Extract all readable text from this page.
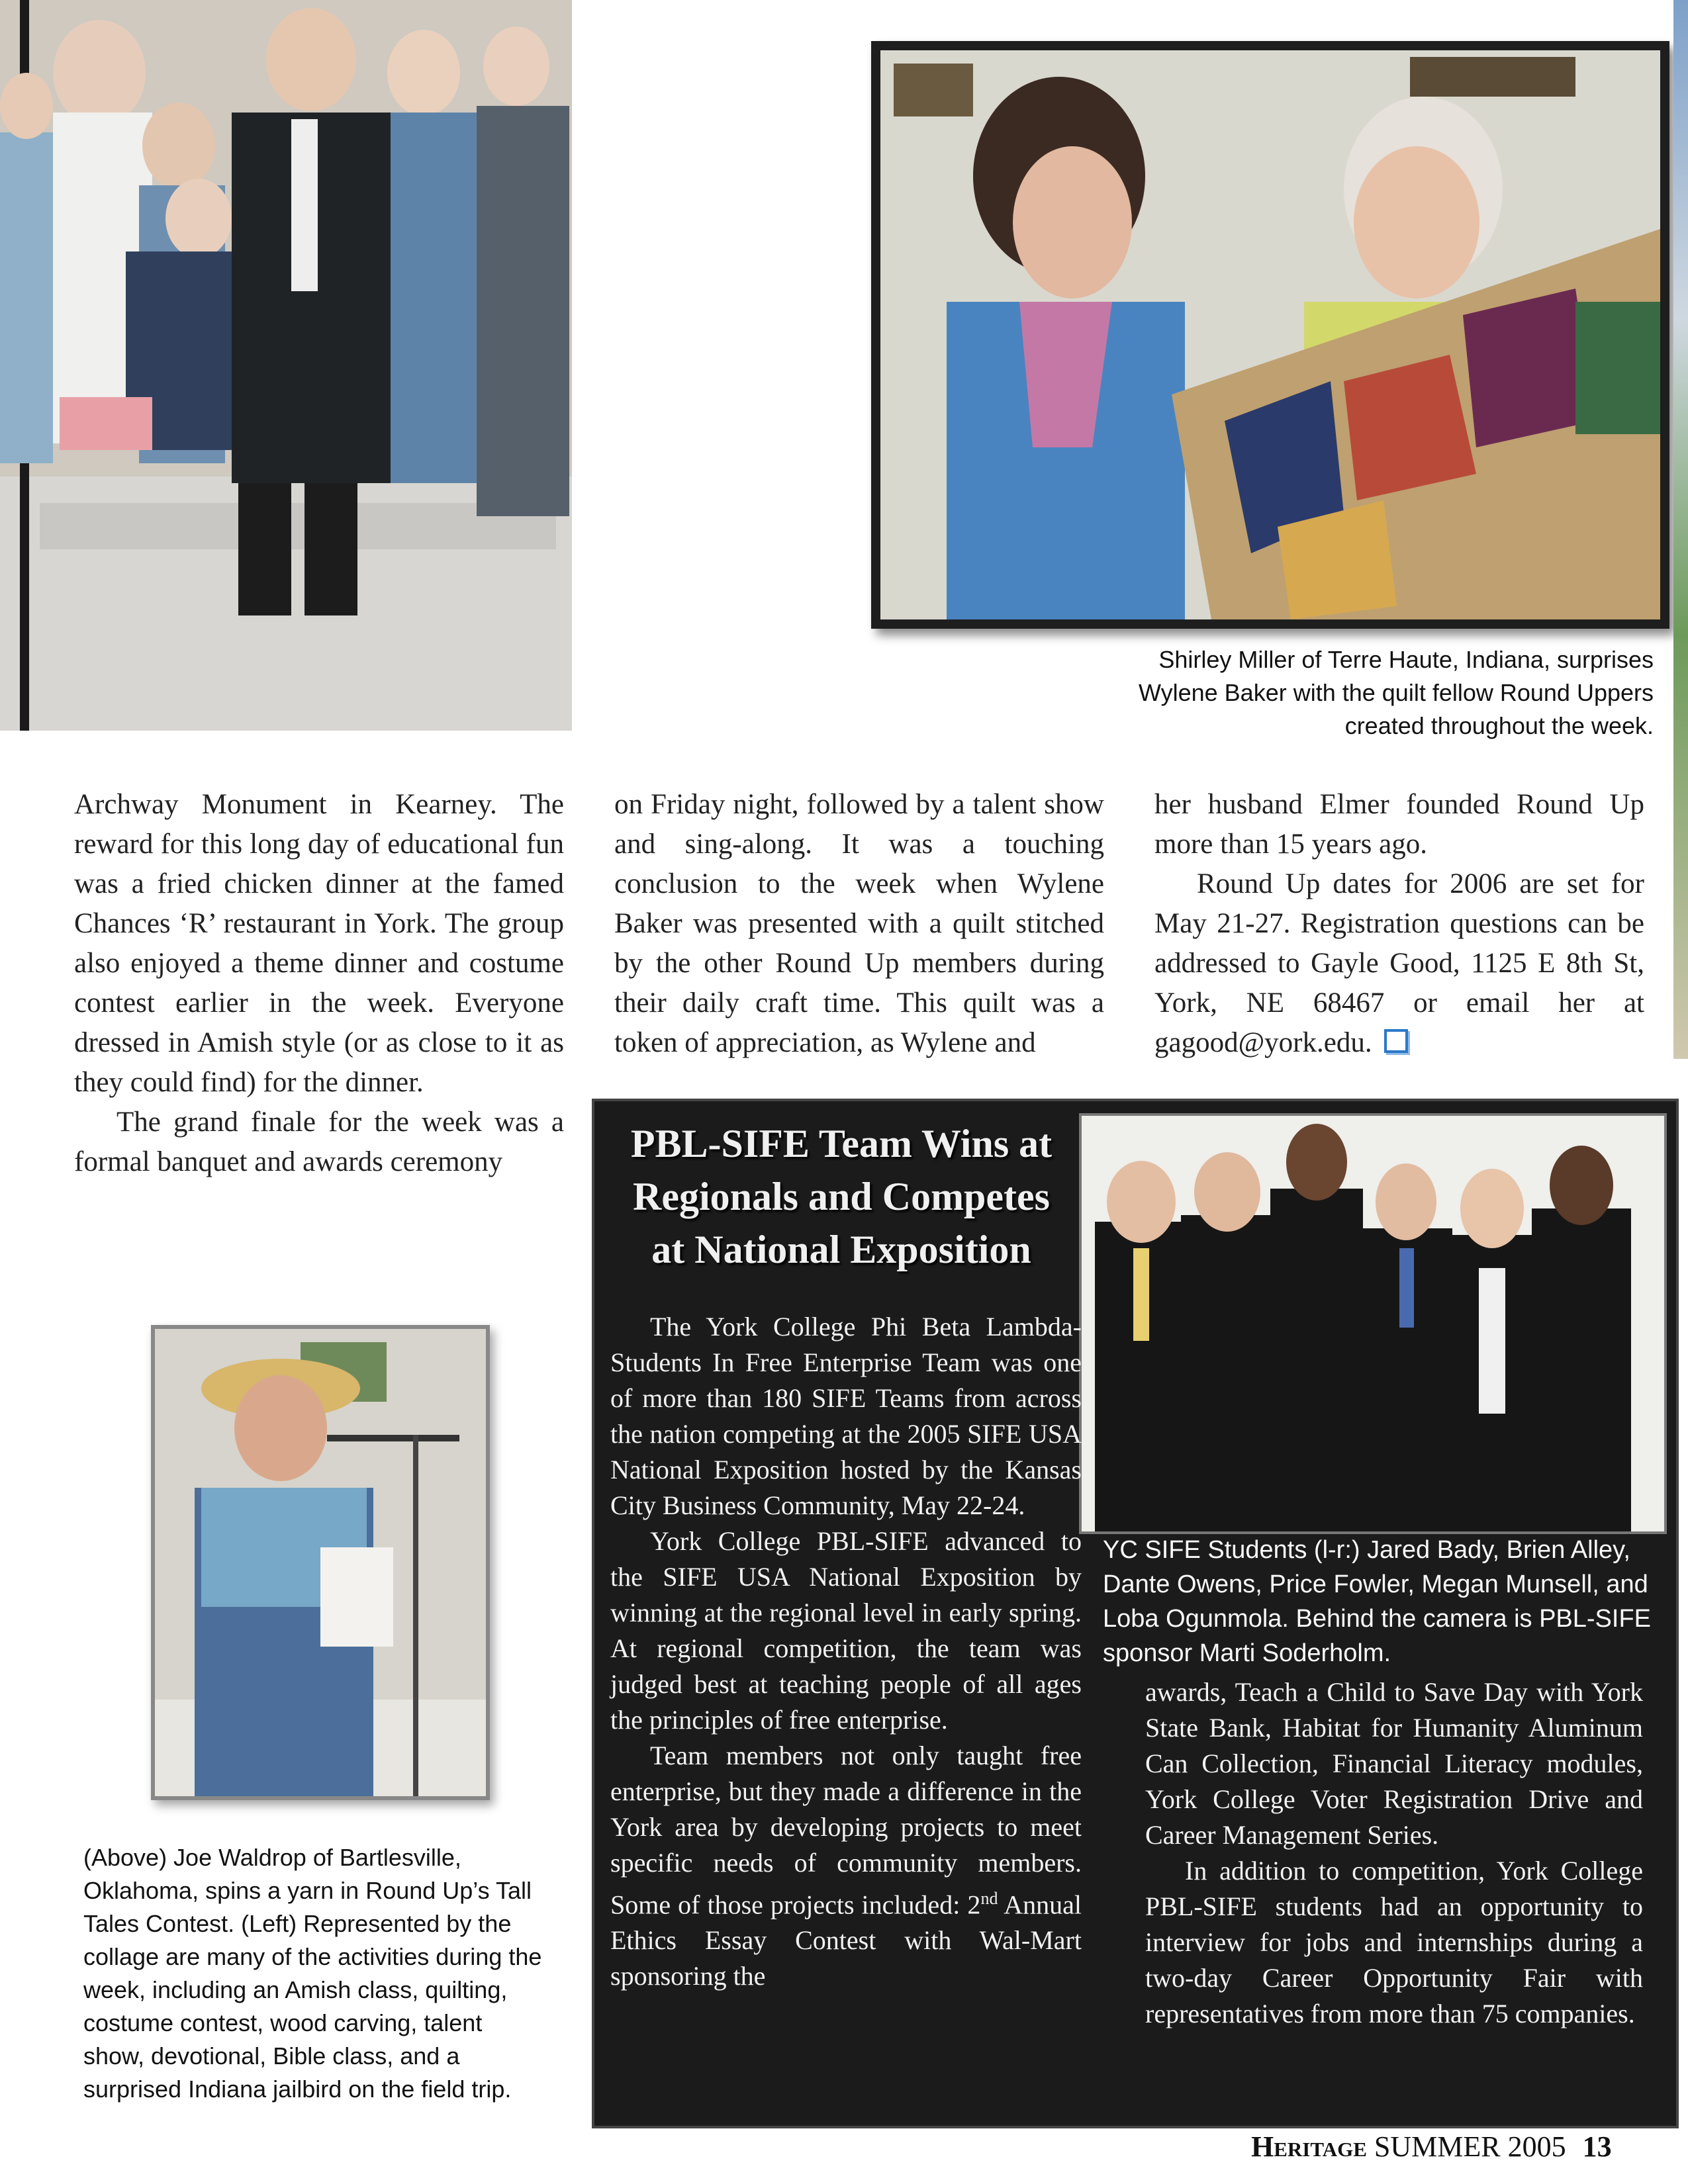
Shirley Miller of Terre Haute, Indiana, surprises Wylene Baker with the quilt fellow Round Uppers created throughout the week.

Archway Monument in Kearney. The reward for this long day of educational fun was a fried chicken dinner at the famed Chances ‘R’ restaurant in York. The group also enjoyed a theme dinner and costume contest earlier in the week. Everyone dressed in Amish style (or as close to it as they could find) for the dinner.

The grand finale for the week was a formal banquet and awards ceremony

on Friday night, followed by a talent show and sing-along. It was a touching conclusion to the week when Wylene Baker was presented with a quilt stitched by the other Round Up members during their daily craft time. This quilt was a token of appreciation, as Wylene and

her husband Elmer founded Round Up more than 15 years ago.

Round Up dates for 2006 are set for May 21-27. Registration questions can be addressed to Gayle Good, 1125 E 8th St, York, NE 68467 or email her at gagood@york.edu.

(Above) Joe Waldrop of Bartlesville, Oklahoma, spins a yarn in Round Up’s Tall Tales Contest. (Left) Represented by the collage are many of the activities during the week, including an Amish class, quilting, costume contest, wood carving, talent show, devotional, Bible class, and a surprised Indiana jailbird on the field trip.
PBL-SIFE Team Wins at Regionals and Competes at National Exposition
YC SIFE Students (l-r:) Jared Bady, Brien Alley, Dante Owens, Price Fowler, Megan Munsell, and Loba Ogunmola. Behind the camera is PBL-SIFE sponsor Marti Soderholm.

The York College Phi Beta Lambda-Students In Free Enterprise Team was one of more than 180 SIFE Teams from across the nation competing at the 2005 SIFE USA National Exposition hosted by the Kansas City Business Community, May 22-24.

York College PBL-SIFE advanced to the SIFE USA National Exposition by winning at the regional level in early spring. At regional competition, the team was judged best at teaching people of all ages the principles of free enterprise.

Team members not only taught free enterprise, but they made a difference in the York area by developing projects to meet specific needs of community members. Some of those projects included: 2nd Annual Ethics Essay Contest with Wal-Mart sponsoring the

awards, Teach a Child to Save Day with York State Bank, Habitat for Humanity Aluminum Can Collection, Financial Literacy modules, York College Voter Registration Drive and Career Management Series.

In addition to competition, York College PBL-SIFE students had an opportunity to interview for jobs and internships during a two-day Career Opportunity Fair with representatives from more than 75 companies.

Heritage SUMMER 2005 13
